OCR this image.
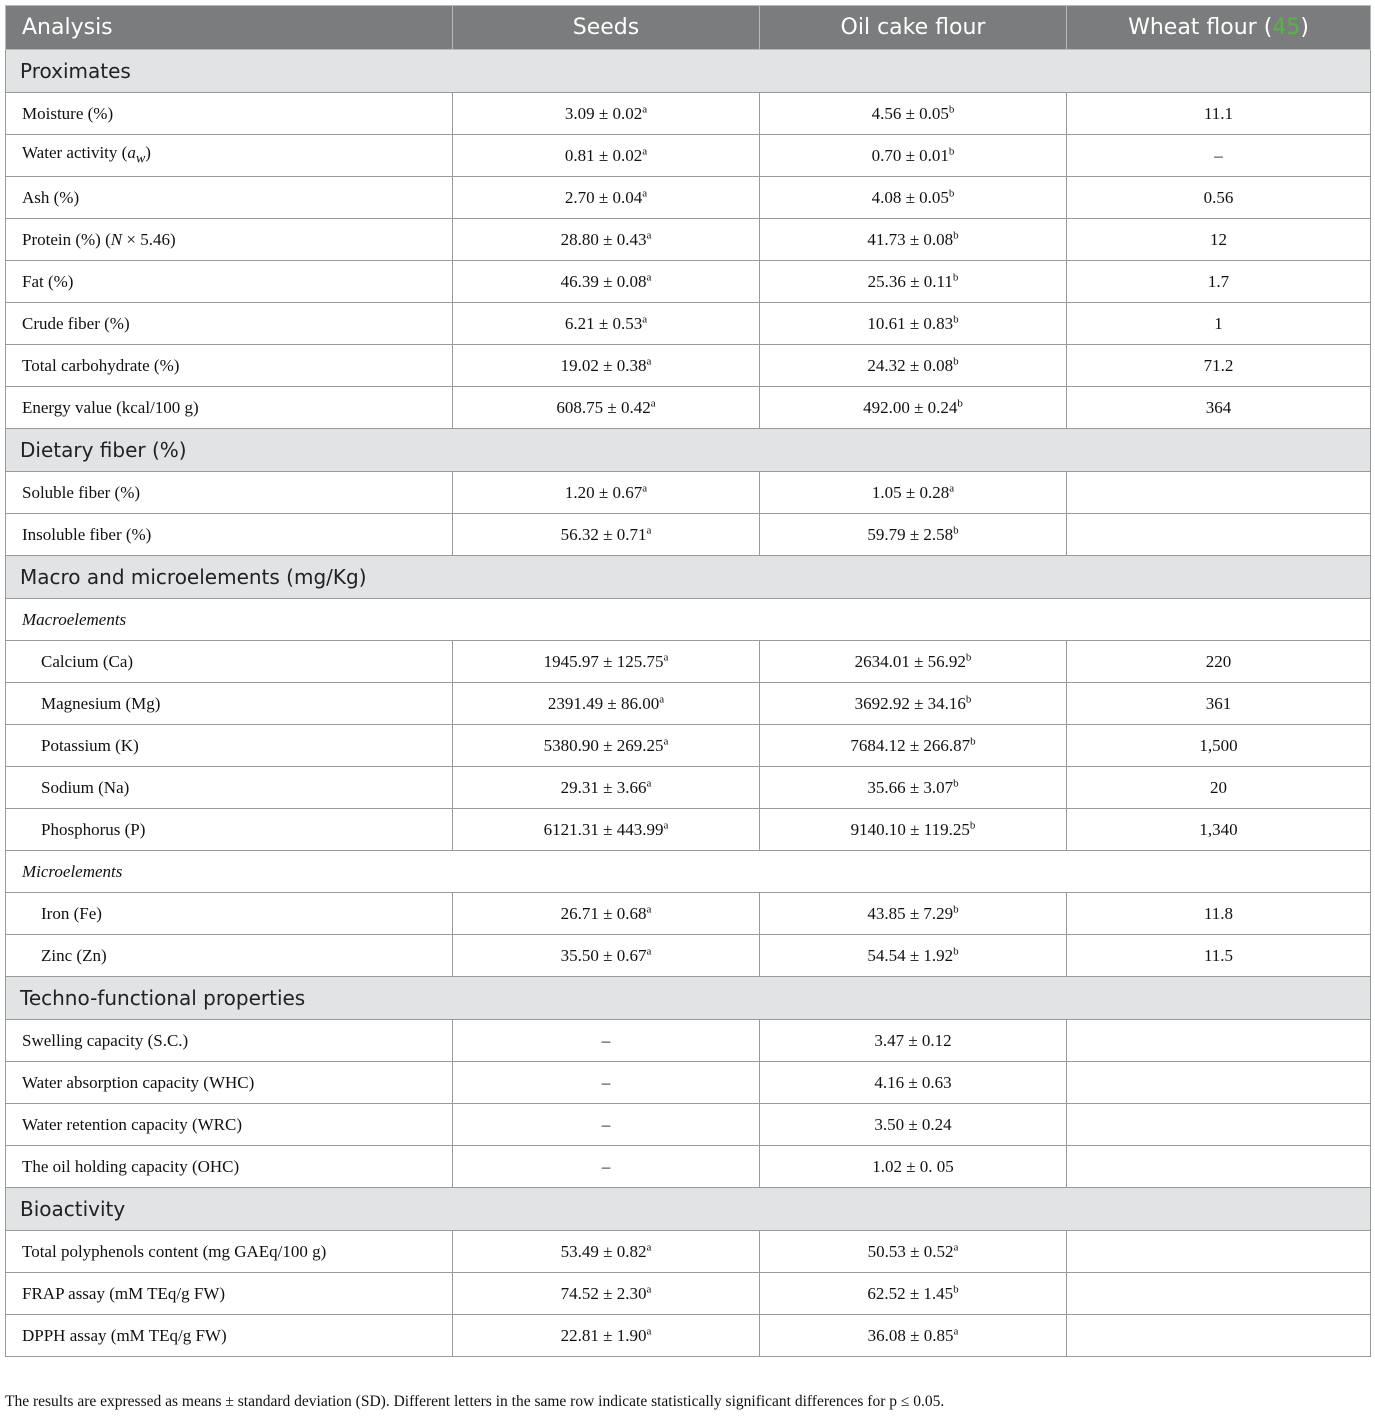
Analysis	Seeds	Oil cake flour	Wheat flour (45)
Proximates			
Moisture (%)	3.09 ± 0.02$^a$	4.56 ± 0.05$^b$	11.1
Water activity $(a_w)$	0.81 ± 0.02$^a$	0.70 ± 0.01$^b$	–
Ash (%)	2.70 ± 0.04$^a$	4.08 ± 0.05$^b$	0.56
Protein (%) (N × 5.46)	28.80 ± 0.43$^a$	41.73 ± 0.08$^b$	12
Fat (%)	46.39 ± 0.08$^a$	25.36 ± 0.11$^b$	1.7
Crude fiber (%)	6.21 ± 0.53$^a$	10.61 ± 0.83$^b$	1
Total carbohydrate (%)	19.02 ± 0.38$^a$	24.32 ± 0.08$^b$	71.2
Energy value (kcal/100 g)	608.75 ± 0.42$^a$	492.00 ± 0.24$^b$	364
Dietary fiber (%)			
Soluble fiber (%)	1.20 ± 0.67$^a$	1.05 ± 0.28$^a$	
Insoluble fiber (%)	56.32 ± 0.71$^a$	59.79 ± 2.58$^b$	
Macro and microelements (mg/Kg)			
Macroelements			
Calcium (Ca)	1945.97 ± 125.75$^a$	2634.01 ± 56.92$^b$	220
Magnesium (Mg)	2391.49 ± 86.00$^a$	3692.92 ± 34.16$^b$	361
Potassium (K)	5380.90 ± 269.25$^a$	7684.12 ± 266.87$^b$	1,500
Sodium (Na)	29.31 ± 3.66$^a$	35.66 ± 3.07$^b$	20
Phosphorus (P)	6121.31 ± 443.99$^a$	9140.10 ± 119.25$^b$	1,340
Microelements			
Iron (Fe)	26.71 ± 0.68$^a$	43.85 ± 7.29$^b$	11.8
Zinc (Zn)	35.50 ± 0.67$^a$	54.54 ± 1.92$^b$	11.5
Techno-functional properties			
Swelling capacity (S.C.)	–	3.47 ± 0.12	
Water absorption capacity (WHC)	–	4.16 ± 0.63	
Water retention capacity (WRC)	–	3.50 ± 0.24	
The oil holding capacity (OHC)	–	1.02 ± 0. 05	
Bioactivity			
Total polyphenols content (mg GAEq/100 g)	53.49 ± 0.82$^a$	50.53 ± 0.52$^a$	
FRAP assay (mM TEq/g FW)	74.52 ± 2.30$^a$	62.52 ± 1.45$^b$	
DPPH assay (mM TEq/g FW)	22.81 ± 1.90$^a$	36.08 ± 0.85$^a$	
The results are expressed as means ± standard deviation (SD). Different letters in the same row indicate statistically significant differences for p ≤ 0.05.
